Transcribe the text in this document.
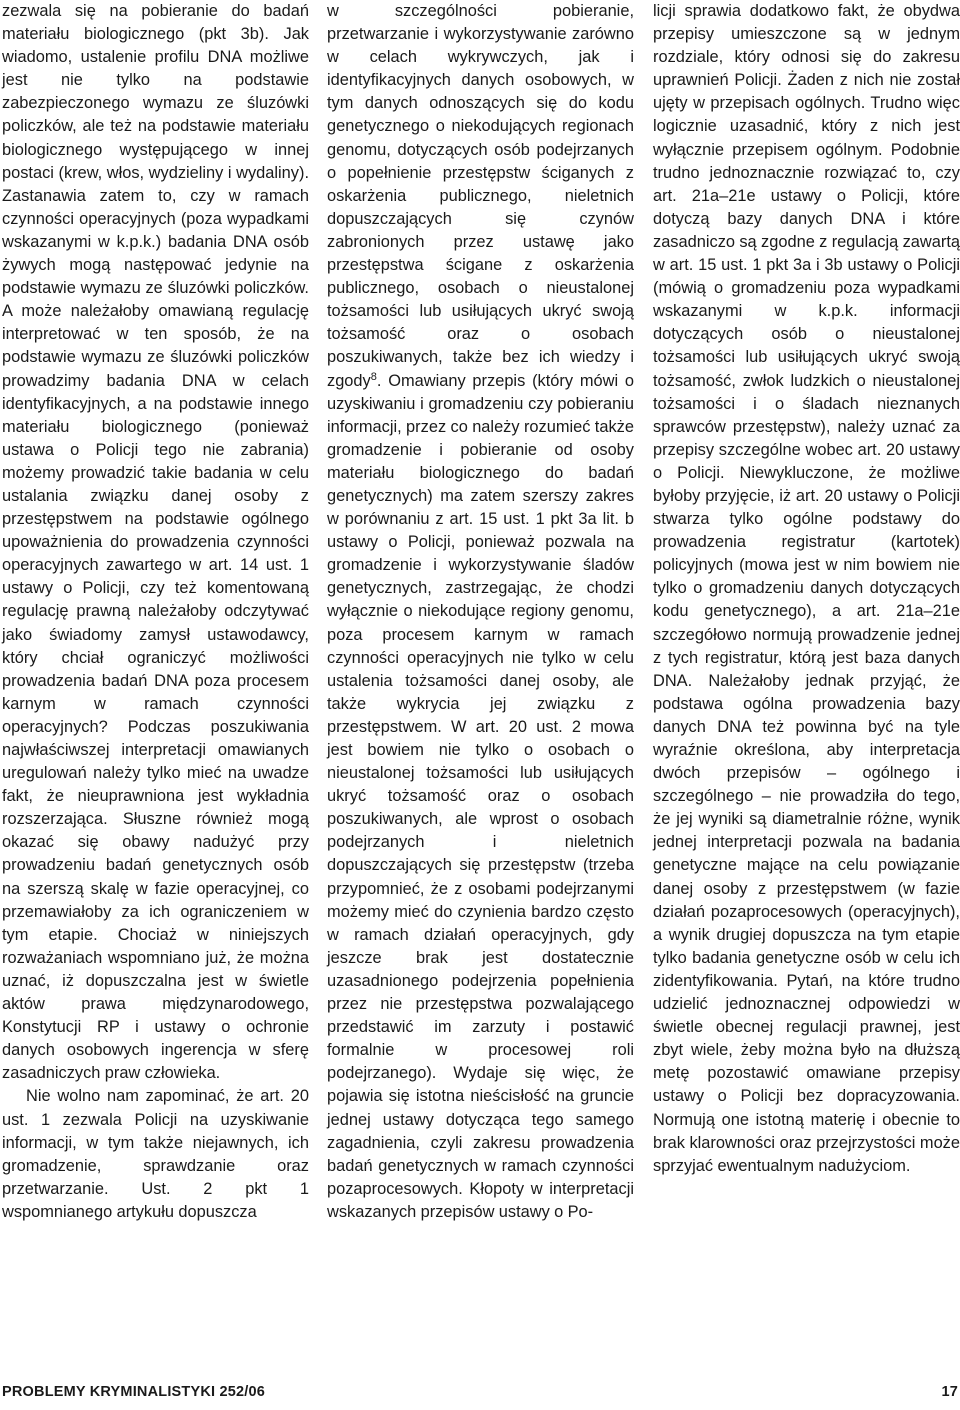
zezwala się na pobieranie do badań materiału biologicznego (pkt 3b). Jak wiadomo, ustalenie profilu DNA możliwe jest nie tylko na podstawie zabezpieczonego wymazu ze śluzówki policzków, ale też na podstawie materiału biologicznego występującego w innej postaci (krew, włos, wydzieliny i wydaliny). Zastanawia zatem to, czy w ramach czynności operacyjnych (poza wypadkami wskazanymi w k.p.k.) badania DNA osób żywych mogą następować jedynie na podstawie wymazu ze śluzówki policzków. A może należałoby omawianą regulację interpretować w ten sposób, że na podstawie wymazu ze śluzówki policzków prowadzimy badania DNA w celach identyfikacyjnych, a na podstawie innego materiału biologicznego (ponieważ ustawa o Policji tego nie zabrania) możemy prowadzić takie badania w celu ustalania związku danej osoby z przestępstwem na podstawie ogólnego upoważnienia do prowadzenia czynności operacyjnych zawartego w art. 14 ust. 1 ustawy o Policji, czy też komentowaną regulację prawną należałoby odczytywać jako świadomy zamysł ustawodawcy, który chciał ograniczyć możliwości prowadzenia badań DNA poza procesem karnym w ramach czynności operacyjnych? Podczas poszukiwania najwłaściwszej interpretacji omawianych uregulowań należy tylko mieć na uwadze fakt, że nieuprawniona jest wykładnia rozszerzająca. Słuszne również mogą okazać się obawy nadużyć przy prowadzeniu badań genetycznych osób na szerszą skalę w fazie operacyjnej, co przemawiałoby za ich ograniczeniem w tym etapie. Chociaż w niniejszych rozważaniach wspomniano już, że można uznać, iż dopuszczalna jest w świetle aktów prawa międzynarodowego, Konstytucji RP i ustawy o ochronie danych osobowych ingerencja w sferę zasadniczych praw człowieka.

Nie wolno nam zapominać, że art. 20 ust. 1 zezwala Policji na uzyskiwanie informacji, w tym także niejawnych, ich gromadzenie, sprawdzanie oraz przetwarzanie. Ust. 2 pkt 1 wspomnianego artykułu dopuszcza

w szczególności pobieranie, przetwarzanie i wykorzystywanie zarówno w celach wykrywczych, jak i identyfikacyjnych danych osobowych, w tym danych odnoszących się do kodu genetycznego o niekodujących regionach genomu, dotyczących osób podejrzanych o popełnienie przestępstw ściganych z oskarżenia publicznego, nieletnich dopuszczających się czynów zabronionych przez ustawę jako przestępstwa ścigane z oskarżenia publicznego, osobach o nieustalonej tożsamości lub usiłujących ukryć swoją tożsamość oraz o osobach poszukiwanych, także bez ich wiedzy i zgody$^8$. Omawiany przepis (który mówi o uzyskiwaniu i gromadzeniu czy pobieraniu informacji, przez co należy rozumieć także gromadzenie i pobieranie od osoby materiału biologicznego do badań genetycznych) ma zatem szerszy zakres w porównaniu z art. 15 ust. 1 pkt 3a lit. b ustawy o Policji, ponieważ pozwala na gromadzenie i wykorzystywanie śladów genetycznych, zastrzegając, że chodzi wyłącznie o niekodujące regiony genomu, poza procesem karnym w ramach czynności operacyjnych nie tylko w celu ustalenia tożsamości danej osoby, ale także wykrycia jej związku z przestępstwem. W art. 20 ust. 2 mowa jest bowiem nie tylko o osobach o nieustalonej tożsamości lub usiłujących ukryć tożsamość oraz o osobach poszukiwanych, ale wprost o osobach podejrzanych i nieletnich dopuszczających się przestępstw (trzeba przypomnieć, że z osobami podejrzanymi możemy mieć do czynienia bardzo często w ramach działań operacyjnych, gdy jeszcze brak jest dostatecznie uzasadnionego podejrzenia popełnienia przez nie przestępstwa pozwalającego przedstawić im zarzuty i postawić formalnie w procesowej roli podejrzanego). Wydaje się więc, że pojawia się istotna nieścisłość na gruncie jednej ustawy dotycząca tego samego zagadnienia, czyli zakresu prowadzenia badań genetycznych w ramach czynności pozaprocesowych. Kłopoty w interpretacji wskazanych przepisów ustawy o Po-

licji sprawia dodatkowo fakt, że obydwa przepisy umieszczone są w jednym rozdziale, który odnosi się do zakresu uprawnień Policji. Żaden z nich nie został ujęty w przepisach ogólnych. Trudno więc logicznie uzasadnić, który z nich jest wyłącznie przepisem ogólnym. Podobnie trudno jednoznacznie rozwiązać to, czy art. 21a–21e ustawy o Policji, które dotyczą bazy danych DNA i które zasadniczo są zgodne z regulacją zawartą w art. 15 ust. 1 pkt 3a i 3b ustawy o Policji (mówią o gromadzeniu poza wypadkami wskazanymi w k.p.k. informacji dotyczących osób o nieustalonej tożsamości lub usiłujących ukryć swoją tożsamość, zwłok ludzkich o nieustalonej tożsamości i o śladach nieznanych sprawców przestępstw), należy uznać za przepisy szczególne wobec art. 20 ustawy o Policji. Niewykluczone, że możliwe byłoby przyjęcie, iż art. 20 ustawy o Policji stwarza tylko ogólne podstawy do prowadzenia registratur (kartotek) policyjnych (mowa jest w nim bowiem nie tylko o gromadzeniu danych dotyczących kodu genetycznego), a art. 21a–21e szczegółowo normują prowadzenie jednej z tych registratur, którą jest baza danych DNA. Należałoby jednak przyjąć, że podstawa ogólna prowadzenia bazy danych DNA też powinna być na tyle wyraźnie określona, aby interpretacja dwóch przepisów – ogólnego i szczególnego – nie prowadziła do tego, że jej wyniki są diametralnie różne, wynik jednej interpretacji pozwala na badania genetyczne mające na celu powiązanie danej osoby z przestępstwem (w fazie działań pozaprocesowych (operacyjnych), a wynik drugiej dopuszcza na tym etapie tylko badania genetyczne osób w celu ich zidentyfikowania. Pytań, na które trudno udzielić jednoznacznej odpowiedzi w świetle obecnej regulacji prawnej, jest zbyt wiele, żeby można było na dłuższą metę pozostawić omawiane przepisy ustawy o Policji bez dopracyzowania. Normują one istotną materię i obecnie to brak klarowności oraz przejrzystości może sprzyjać ewentualnym nadużyciom.

PROBLEMY KRYMINALISTYKI 252/06	17
